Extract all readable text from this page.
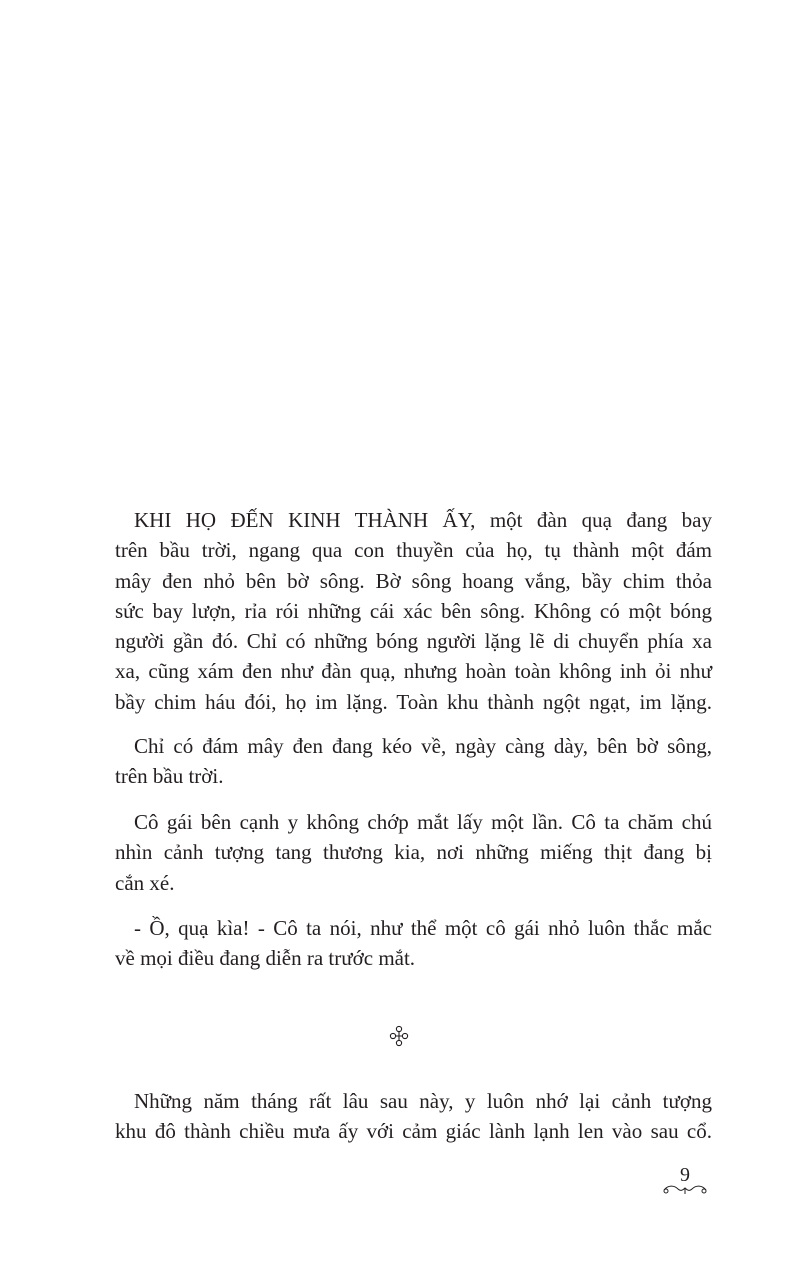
KHI HỌ ĐẾN KINH THÀNH ẤY, một đàn quạ đang bay
trên bầu trời, ngang qua con thuyền của họ, tụ thành một đám
mây đen nhỏ bên bờ sông. Bờ sông hoang vắng, bầy chim thỏa
sức bay lượn, rỉa rói những cái xác bên sông. Không có một bóng
người gần đó. Chỉ có những bóng người lặng lẽ di chuyển phía xa
xa, cũng xám đen như đàn quạ, nhưng hoàn toàn không inh ỏi như
bầy chim háu đói, họ im lặng. Toàn khu thành ngột ngạt, im lặng.
Chỉ có đám mây đen đang kéo về, ngày càng dày, bên bờ sông,
trên bầu trời.
Cô gái bên cạnh y không chớp mắt lấy một lần. Cô ta chăm chú
nhìn cảnh tượng tang thương kia, nơi những miếng thịt đang bị
cắn xé.
- Ồ, quạ kìa! - Cô ta nói, như thể một cô gái nhỏ luôn thắc mắc
về mọi điều đang diễn ra trước mắt.
Những năm tháng rất lâu sau này, y luôn nhớ lại cảnh tượng
khu đô thành chiều mưa ấy với cảm giác lành lạnh len vào sau cổ.
9
